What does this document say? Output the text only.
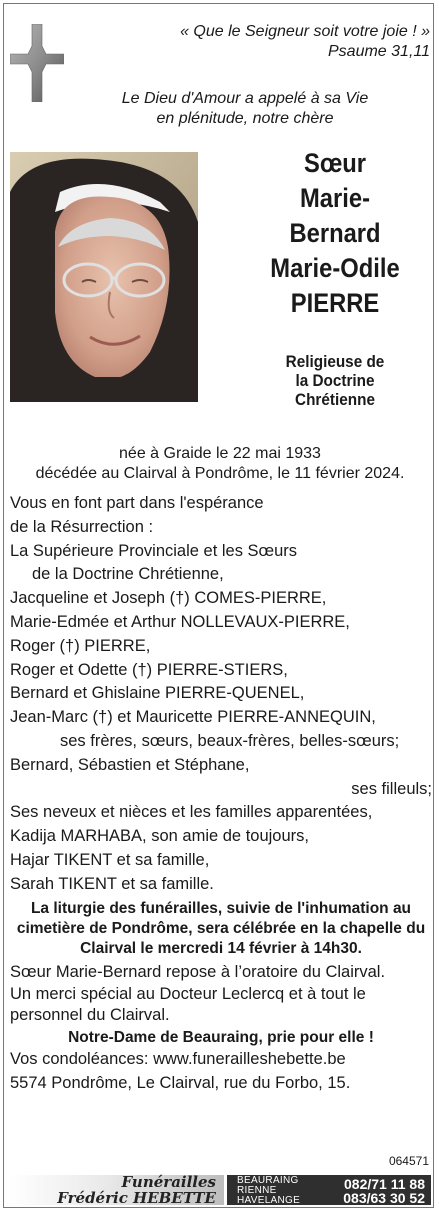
« Que le Seigneur soit votre joie ! »
Psaume 31,11
Le Dieu d'Amour a appelé à sa Vie
en plénitude, notre chère
Sœur
Marie-
Bernard
Marie-Odile
PIERRE
Religieuse de
la Doctrine
Chrétienne
née à Graide le 22 mai 1933
décédée au Clairval à Pondrôme, le 11 février 2024.
Vous en font part dans l'espérance
de la Résurrection :
La Supérieure Provinciale et les Sœurs
de la Doctrine Chrétienne,
Jacqueline et Joseph (†) COMES-PIERRE,
Marie-Edmée et Arthur NOLLEVAUX-PIERRE,
Roger (†) PIERRE,
Roger et Odette (†) PIERRE-STIERS,
Bernard et Ghislaine PIERRE-QUENEL,
Jean-Marc (†) et Mauricette PIERRE-ANNEQUIN,
ses frères, sœurs, beaux-frères, belles-sœurs;
Bernard, Sébastien et Stéphane,
ses filleuls;
Ses neveux et nièces et les familles apparentées,
Kadija MARHABA, son amie de toujours,
Hajar TIKENT et sa famille,
Sarah TIKENT et sa famille.
La liturgie des funérailles, suivie de l'inhumation au cimetière de Pondrôme, sera célébrée en la chapelle du Clairval le mercredi 14 février à 14h30.
Sœur Marie-Bernard repose à l’oratoire du Clairval.
Un merci spécial au Docteur Leclercq et à tout le personnel du Clairval.
Notre-Dame de Beauraing, prie pour elle !
Vos condoléances: www.funerailleshebette.be
5574 Pondrôme, Le Clairval, rue du Forbo, 15.
064571
Funérailles
Frédéric HEBETTE
BEAURAING
RIENNE
HAVELANGE
082/71 11 88
083/63 30 52
